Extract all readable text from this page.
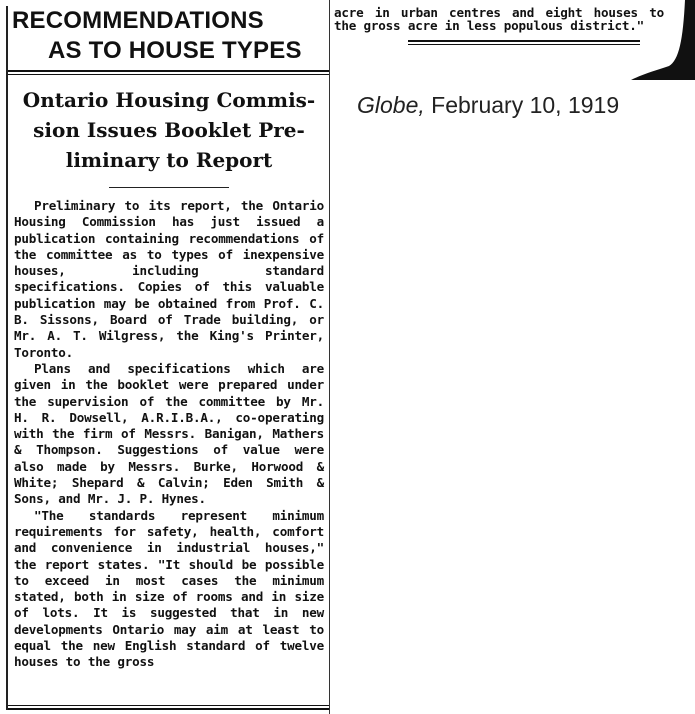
RECOMMENDATIONS
AS TO HOUSE TYPES
Ontario Housing Commis-
sion Issues Booklet Pre-
liminary to Report

Preliminary to its report, the Ontario Housing Commission has just issued a publication containing recommendations of the committee as to types of inexpensive houses, including standard specifications. Copies of this valuable publication may be obtained from Prof. C. B. Sissons, Board of Trade building, or Mr. A. T. Wilgress, the King's Printer, Toronto.

Plans and specifications which are given in the booklet were prepared under the supervision of the committee by Mr. H. R. Dowsell, A.R.I.B.A., co-operating with the firm of Messrs. Banigan, Mathers & Thompson. Suggestions of value were also made by Messrs. Burke, Horwood & White; Shepard & Calvin; Eden Smith & Sons, and Mr. J. P. Hynes.

"The standards represent minimum requirements for safety, health, comfort and convenience in industrial houses," the report states. "It should be possible to exceed in most cases the minimum stated, both in size of rooms and in size of lots. It is suggested that in new developments Ontario may aim at least to equal the new English standard of twelve houses to the gross

acre in urban centres and eight houses to the gross acre in less populous district."

Globe, February 10, 1919
